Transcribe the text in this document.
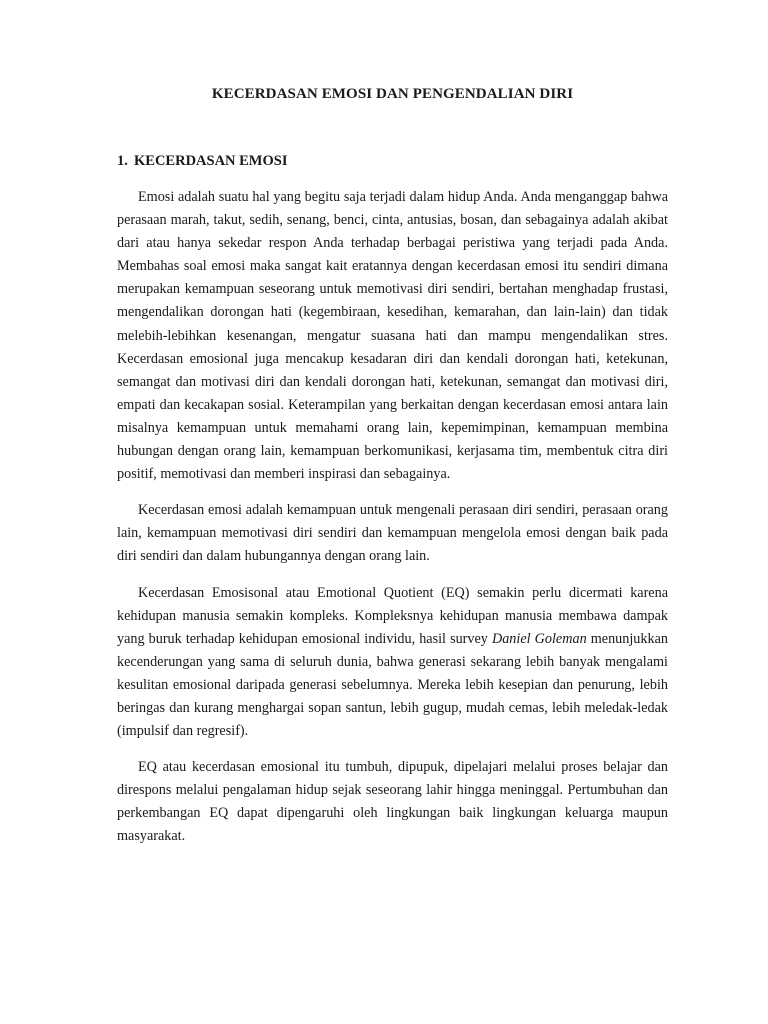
KECERDASAN EMOSI DAN PENGENDALIAN DIRI
1. KECERDASAN EMOSI

Emosi adalah suatu hal yang begitu saja terjadi dalam hidup Anda. Anda menganggap bahwa perasaan marah, takut, sedih, senang, benci, cinta, antusias, bosan, dan sebagainya adalah akibat dari atau hanya sekedar respon Anda terhadap berbagai peristiwa yang terjadi pada Anda. Membahas soal emosi maka sangat kait eratannya dengan kecerdasan emosi itu sendiri dimana merupakan kemampuan seseorang untuk memotivasi diri sendiri, bertahan menghadap frustasi, mengendalikan dorongan hati (kegembiraan, kesedihan, kemarahan, dan lain-lain) dan tidak melebih-lebihkan kesenangan, mengatur suasana hati dan mampu mengendalikan stres. Kecerdasan emosional juga mencakup kesadaran diri dan kendali dorongan hati, ketekunan, semangat dan motivasi diri dan kendali dorongan hati, ketekunan, semangat dan motivasi diri, empati dan kecakapan sosial. Keterampilan yang berkaitan dengan kecerdasan emosi antara lain misalnya kemampuan untuk memahami orang lain, kepemimpinan, kemampuan membina hubungan dengan orang lain, kemampuan berkomunikasi, kerjasama tim, membentuk citra diri positif, memotivasi dan memberi inspirasi dan sebagainya.

Kecerdasan emosi adalah kemampuan untuk mengenali perasaan diri sendiri, perasaan orang lain, kemampuan memotivasi diri sendiri dan kemampuan mengelola emosi dengan baik pada diri sendiri dan dalam hubungannya dengan orang lain.

Kecerdasan Emosisonal atau Emotional Quotient (EQ) semakin perlu dicermati karena kehidupan manusia semakin kompleks. Kompleksnya kehidupan manusia membawa dampak yang buruk terhadap kehidupan emosional individu, hasil survey Daniel Goleman menunjukkan kecenderungan yang sama di seluruh dunia, bahwa generasi sekarang lebih banyak mengalami kesulitan emosional daripada generasi sebelumnya. Mereka lebih kesepian dan penurung, lebih beringas dan kurang menghargai sopan santun, lebih gugup, mudah cemas, lebih meledak-ledak (impulsif dan regresif).

EQ atau kecerdasan emosional itu tumbuh, dipupuk, dipelajari melalui proses belajar dan direspons melalui pengalaman hidup sejak seseorang lahir hingga meninggal. Pertumbuhan dan perkembangan EQ dapat dipengaruhi oleh lingkungan baik lingkungan keluarga maupun masyarakat.
